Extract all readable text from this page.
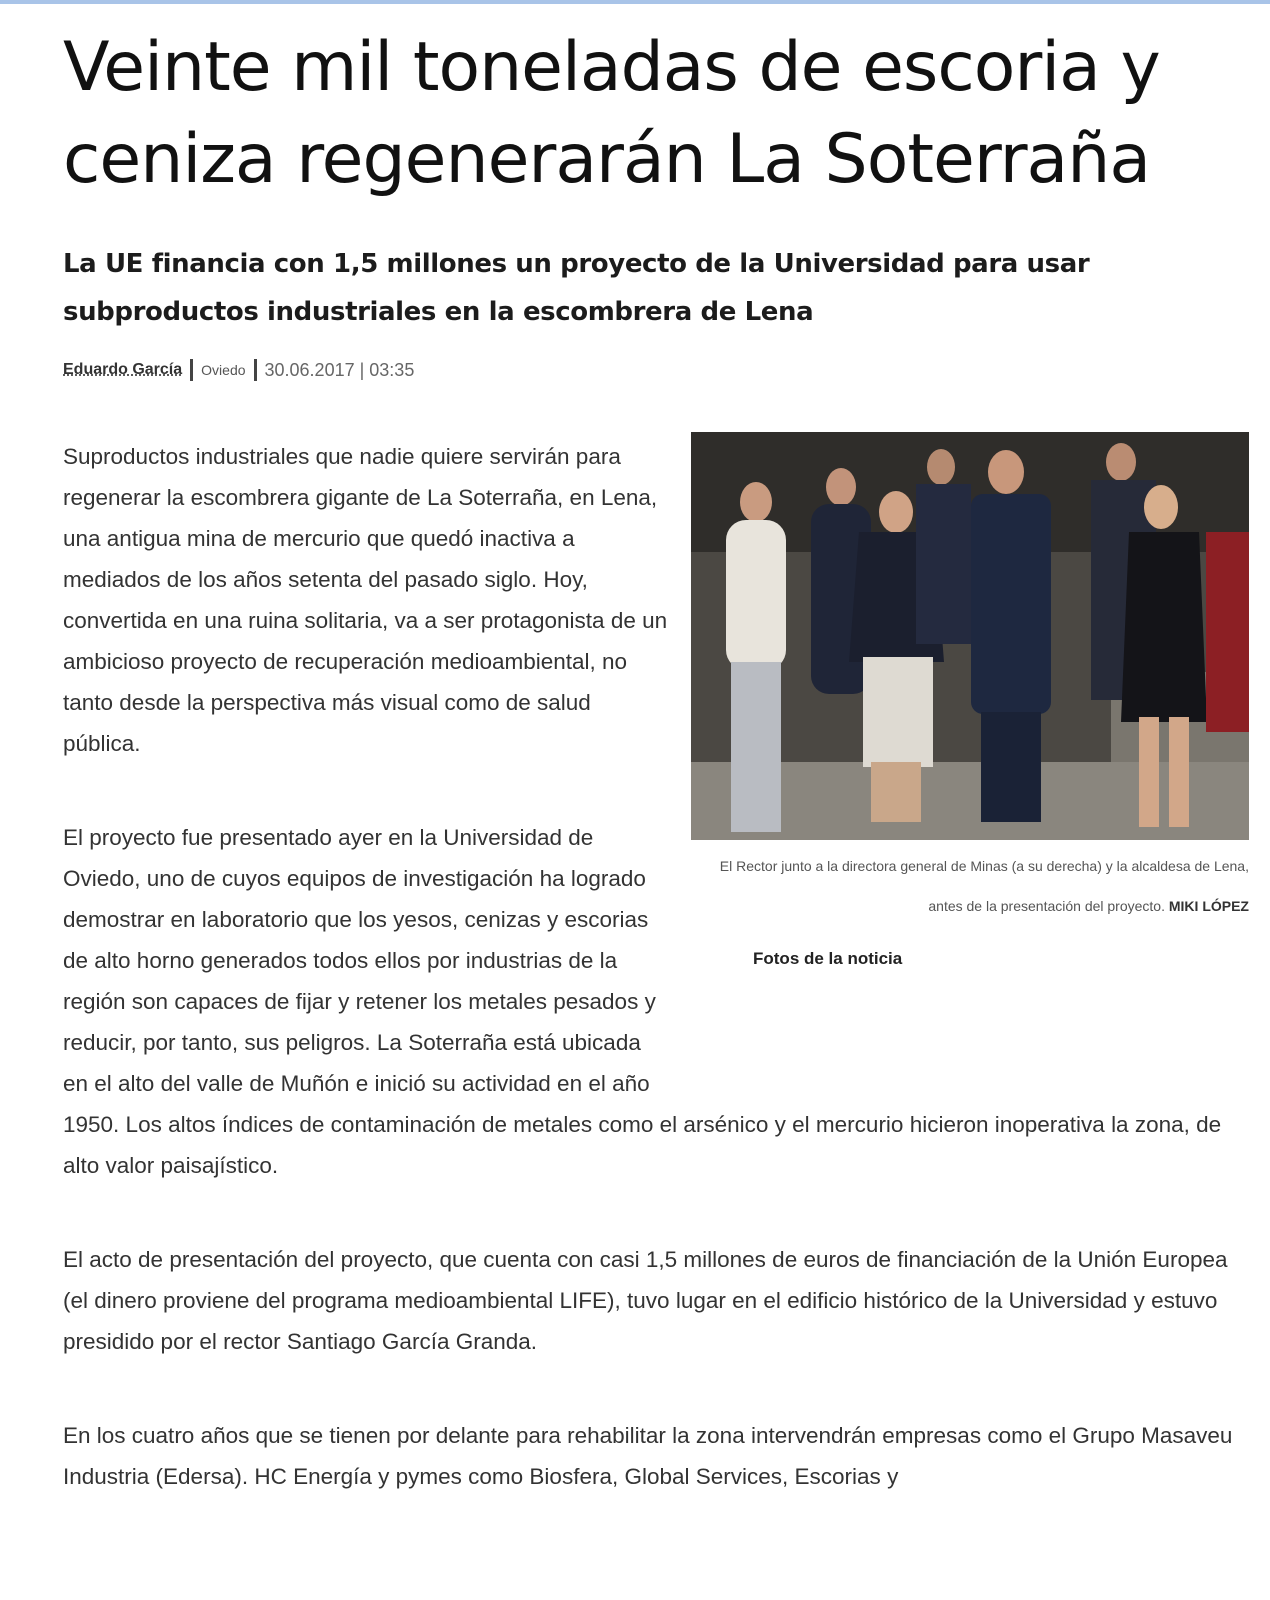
Veinte mil toneladas de escoria y ceniza regenerarán La Soterraña
La UE financia con 1,5 millones un proyecto de la Universidad para usar subproductos industriales en la escombrera de Lena
Eduardo García Oviedo 30.06.2017 | 03:35
El Rector junto a la directora general de Minas (a su derecha) y la alcaldesa de Lena, antes de la presentación del proyecto. MIKI LÓPEZ
Fotos de la noticia

Suproductos industriales que nadie quiere servirán para regenerar la escombrera gigante de La Soterraña, en Lena, una antigua mina de mercurio que quedó inactiva a mediados de los años setenta del pasado siglo. Hoy, convertida en una ruina solitaria, va a ser protagonista de un ambicioso proyecto de recuperación medioambiental, no tanto desde la perspectiva más visual como de salud pública.

El proyecto fue presentado ayer en la Universidad de Oviedo, uno de cuyos equipos de investigación ha logrado demostrar en laboratorio que los yesos, cenizas y escorias de alto horno generados todos ellos por industrias de la región son capaces de fijar y retener los metales pesados y reducir, por tanto, sus peligros. La Soterraña está ubicada en el alto del valle de Muñón e inició su actividad en el año 1950. Los altos índices de contaminación de metales como el arsénico y el mercurio hicieron inoperativa la zona, de alto valor paisajístico.

El acto de presentación del proyecto, que cuenta con casi 1,5 millones de euros de financiación de la Unión Europea (el dinero proviene del programa medioambiental LIFE), tuvo lugar en el edificio histórico de la Universidad y estuvo presidido por el rector Santiago García Granda.

En los cuatro años que se tienen por delante para rehabilitar la zona intervendrán empresas como el Grupo Masaveu Industria (Edersa). HC Energía y pymes como Biosfera, Global Services, Escorias y
